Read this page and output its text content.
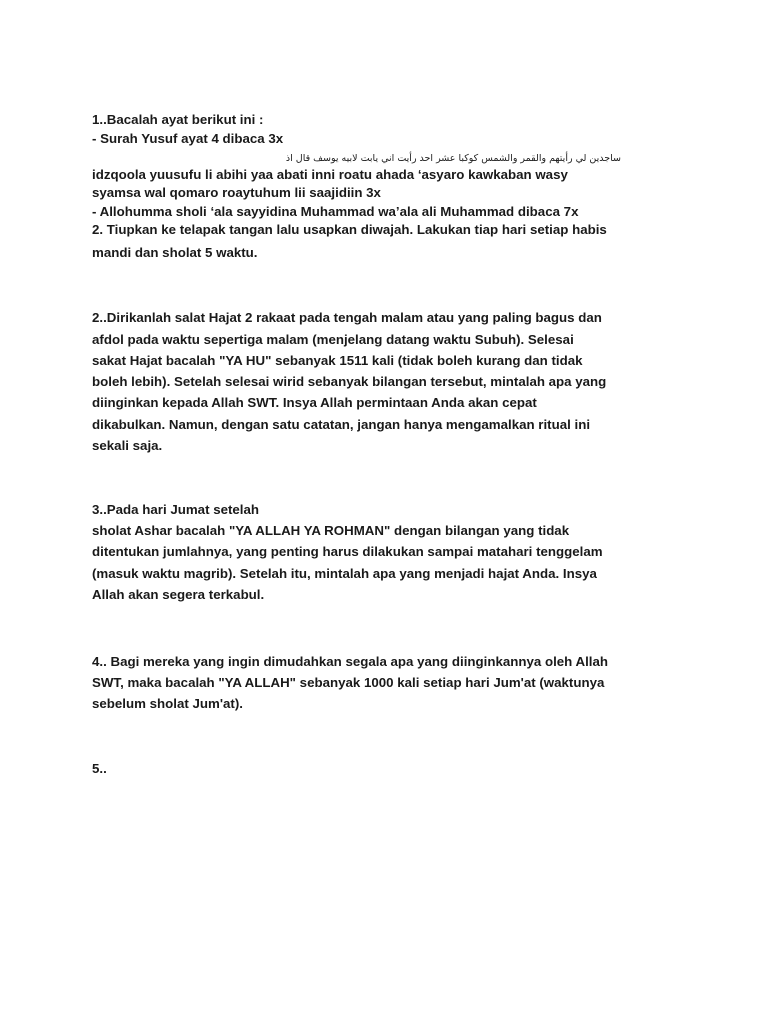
1..Bacalah ayat berikut ini :
- Surah Yusuf ayat 4 dibaca 3x
ساجدين لي رأيتهم والقمر والشمس كوكبا عشر احد رأيت اني يابت لابيه يوسف قال اذ
idzqoola yuusufu li abihi yaa abati inni roatu ahada ‘asyaro kawkaban wasy
syamsa wal qomaro roaytuhum lii saajidiin 3x
- Allohumma sholi ‘ala sayyidina Muhammad wa’ala ali Muhammad dibaca 7x
2. Tiupkan ke telapak tangan lalu usapkan diwajah. Lakukan tiap hari setiap habis
mandi dan sholat 5 waktu.
2..Dirikanlah salat Hajat 2 rakaat pada tengah malam atau yang paling bagus dan
afdol pada waktu sepertiga malam (menjelang datang waktu Subuh). Selesai
sakat Hajat bacalah "YA HU" sebanyak 1511 kali (tidak boleh kurang dan tidak
boleh lebih). Setelah selesai wirid sebanyak bilangan tersebut, mintalah apa yang
diinginkan kepada Allah SWT. Insya Allah permintaan Anda akan cepat
dikabulkan. Namun, dengan satu catatan, jangan hanya mengamalkan ritual ini
sekali saja.
3..Pada hari Jumat setelah
sholat Ashar bacalah "YA ALLAH YA ROHMAN" dengan bilangan yang tidak
ditentukan jumlahnya, yang penting harus dilakukan sampai matahari tenggelam
(masuk waktu magrib). Setelah itu, mintalah apa yang menjadi hajat Anda. Insya
Allah akan segera terkabul.
4.. Bagi mereka yang ingin dimudahkan segala apa yang diinginkannya oleh Allah
SWT, maka bacalah "YA ALLAH" sebanyak 1000 kali setiap hari Jum'at (waktunya
sebelum sholat Jum'at).
5..
